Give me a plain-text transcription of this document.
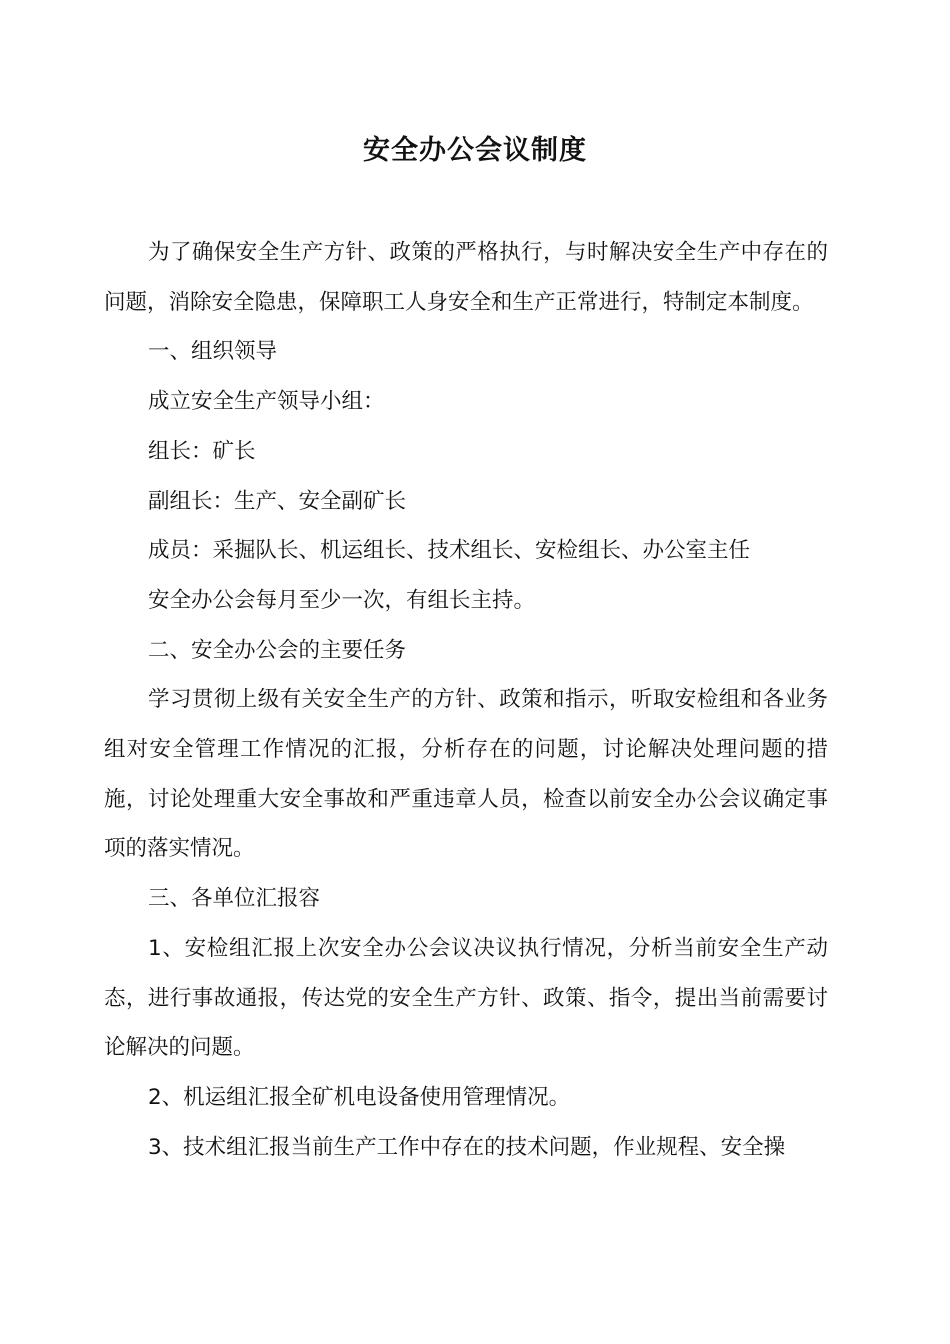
安全办公会议制度

为了确保安全生产方针、政策的严格执行，与时解决安全生产中存在的问题，消除安全隐患，保障职工人身安全和生产正常进行，特制定本制度。

一、组织领导

成立安全生产领导小组：

组长：矿长

副组长：生产、安全副矿长

成员：采掘队长、机运组长、技术组长、安检组长、办公室主任

安全办公会每月至少一次，有组长主持。

二、安全办公会的主要任务

学习贯彻上级有关安全生产的方针、政策和指示，听取安检组和各业务组对安全管理工作情况的汇报，分析存在的问题，讨论解决处理问题的措施，讨论处理重大安全事故和严重违章人员，检查以前安全办公会议确定事项的落实情况。

三、各单位汇报容

1、安检组汇报上次安全办公会议决议执行情况，分析当前安全生产动态，进行事故通报，传达党的安全生产方针、政策、指令，提出当前需要讨论解决的问题。

2、机运组汇报全矿机电设备使用管理情况。

3、技术组汇报当前生产工作中存在的技术问题，作业规程、安全操
